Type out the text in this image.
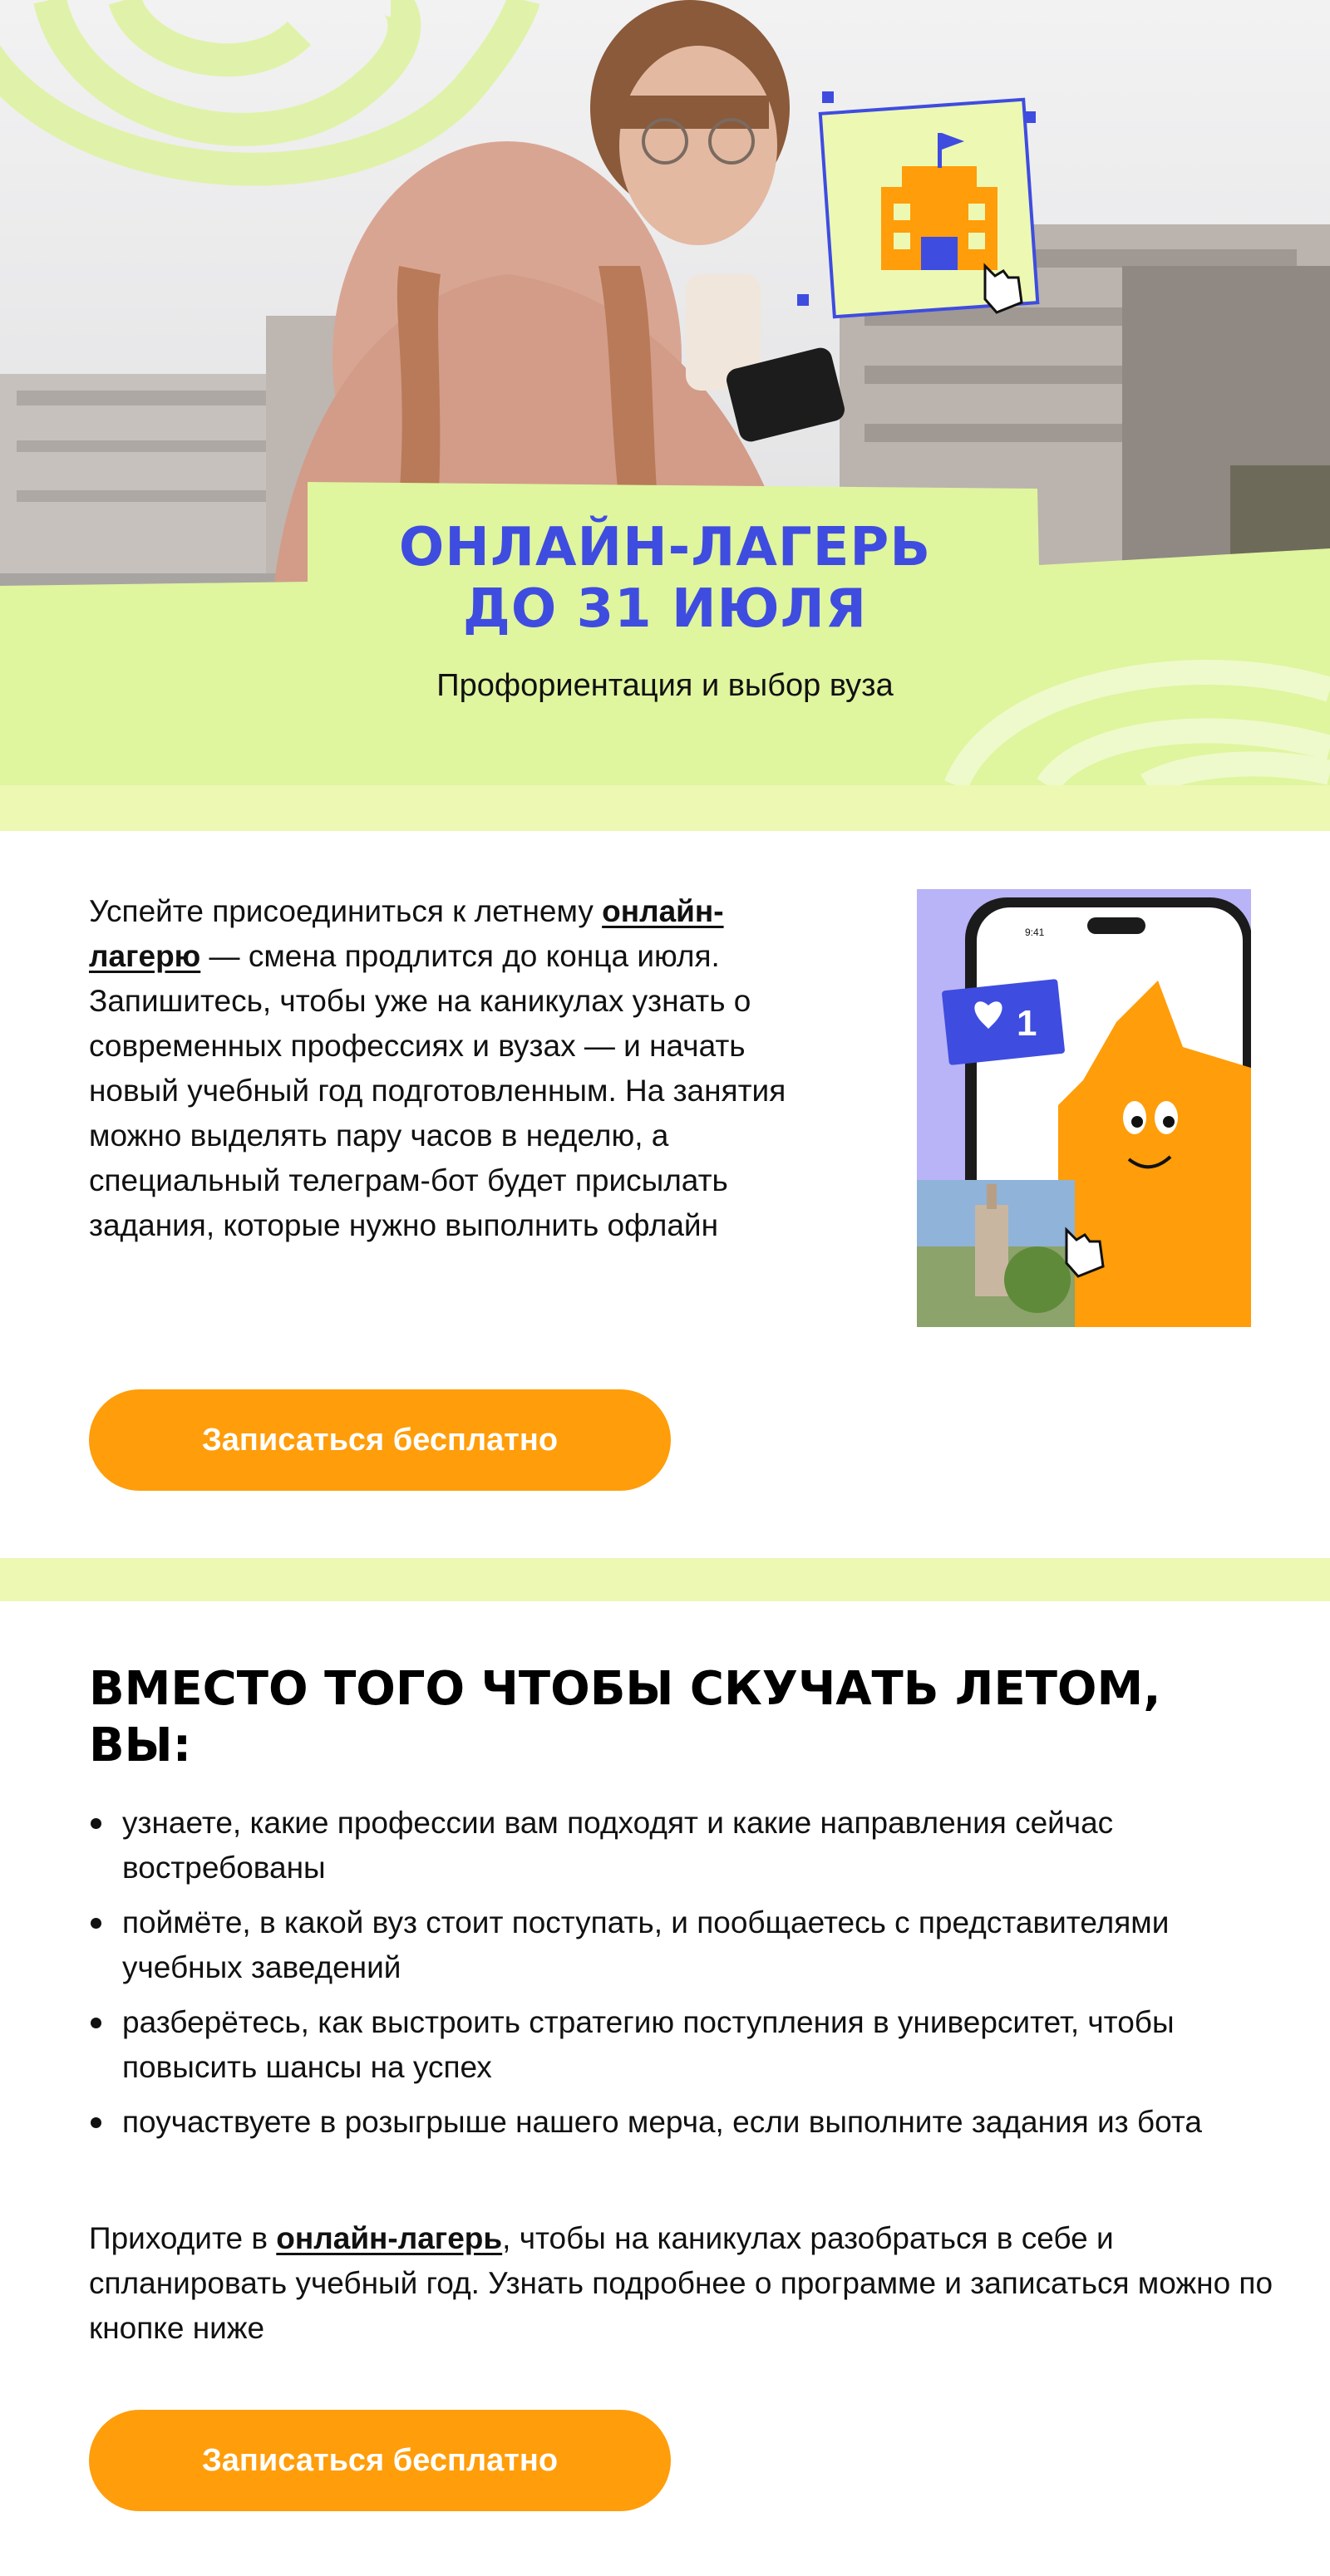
ОНЛАЙН-ЛАГЕРЬ
ДО 31 ИЮЛЯ
Профориентация и выбор вуза

Успейте присоединиться к летнему онлайн-лагерю — смена продлится до конца июля. Запишитесь, чтобы уже на каникулах узнать о современных профессиях и вузах — и начать новый учебный год подготовленным. На занятия можно выделять пару часов в неделю, а специальный телеграм-бот будет присылать задания, которые нужно выполнить офлайн

9:41
1
Записаться бесплатно
ВМЕСТО ТОГО ЧТОБЫ СКУЧАТЬ ЛЕТОМ, ВЫ:
узнаете, какие профессии вам подходят и какие направления сейчас востребованы
поймёте, в какой вуз стоит поступать, и пообщаетесь с представителями учебных заведений
разберётесь, как выстроить стратегию поступления в университет, чтобы повысить шансы на успех
поучаствуете в розыгрыше нашего мерча, если выполните задания из бота

Приходите в онлайн-лагерь, чтобы на каникулах разобраться в себе и спланировать учебный год. Узнать подробнее о программе и записаться можно по кнопке ниже

Записаться бесплатно
